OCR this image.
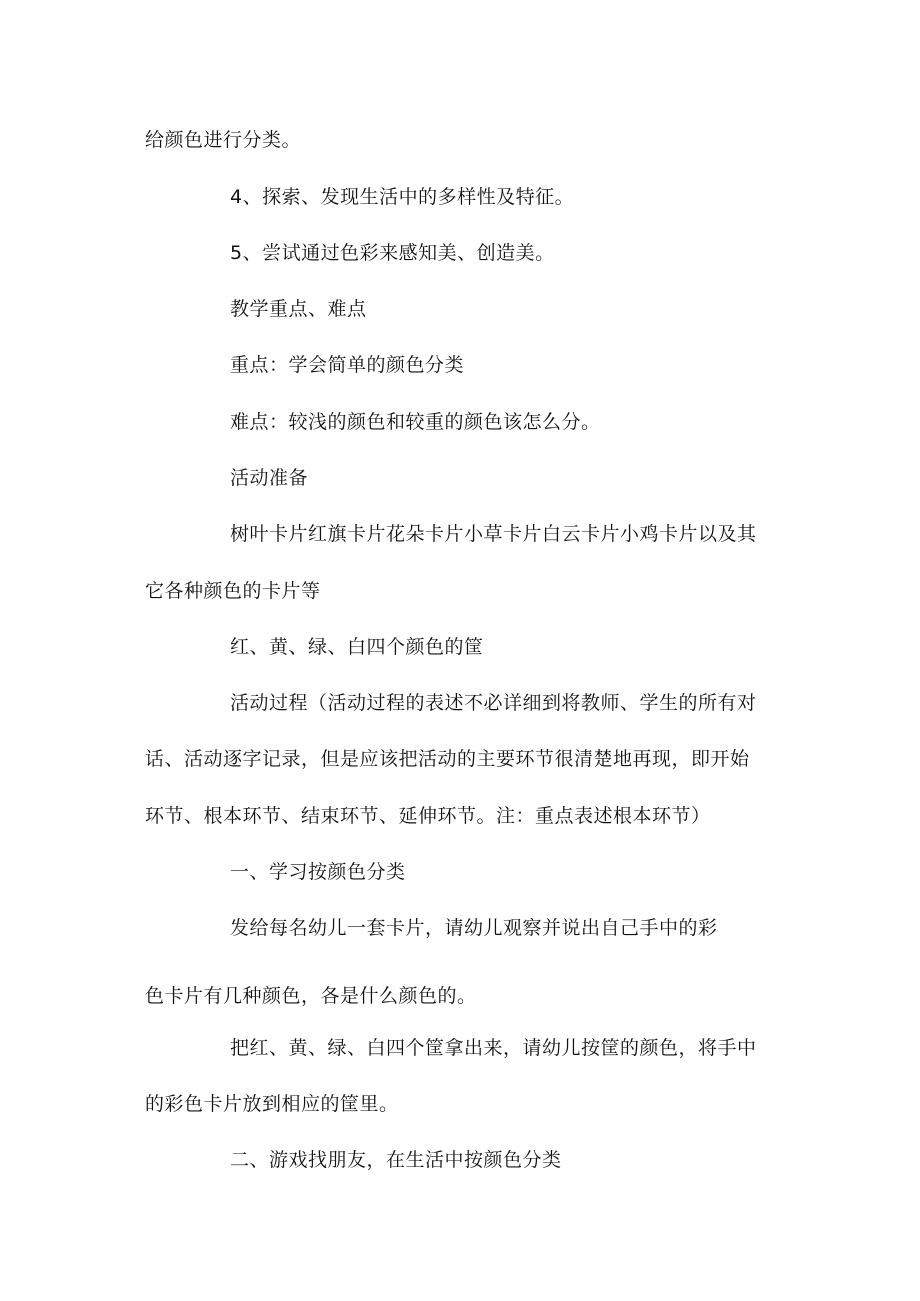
给颜色进行分类。
4、探索、发现生活中的多样性及特征。
5、尝试通过色彩来感知美、创造美。
教学重点、难点
重点：学会简单的颜色分类
难点：较浅的颜色和较重的颜色该怎么分。
活动准备
树叶卡片红旗卡片花朵卡片小草卡片白云卡片小鸡卡片以及其
它各种颜色的卡片等
红、黄、绿、白四个颜色的筐
活动过程（活动过程的表述不必详细到将教师、学生的所有对
话、活动逐字记录，但是应该把活动的主要环节很清楚地再现，即开始
环节、根本环节、结束环节、延伸环节。注：重点表述根本环节）
一、学习按颜色分类
发给每名幼儿一套卡片，请幼儿观察并说出自己手中的彩
色卡片有几种颜色，各是什么颜色的。
把红、黄、绿、白四个筐拿出来，请幼儿按筐的颜色，将手中
的彩色卡片放到相应的筐里。
二、游戏找朋友，在生活中按颜色分类
